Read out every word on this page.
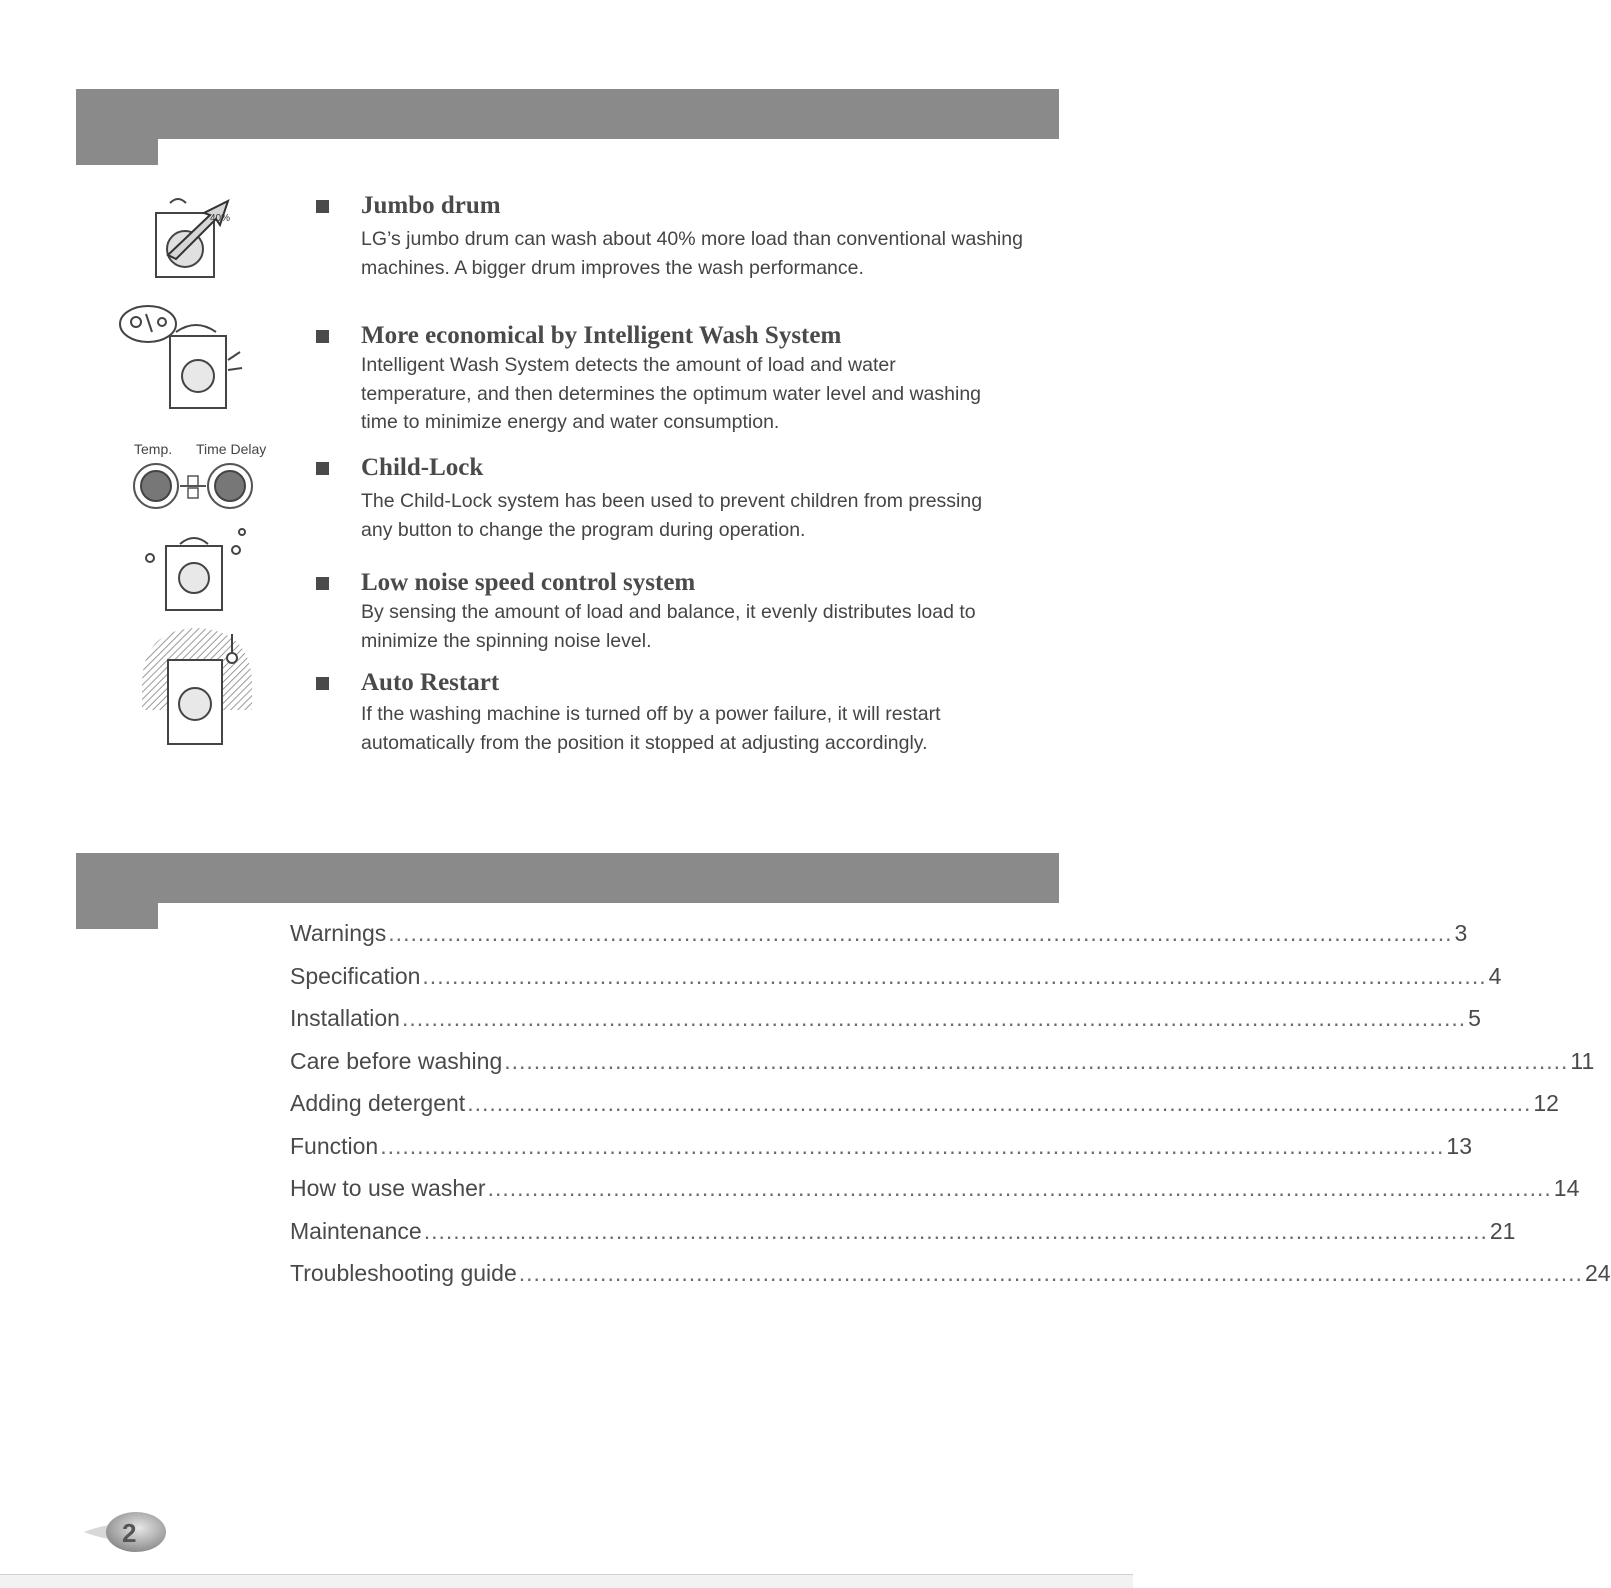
40%
Temp. Time Delay
Jumbo drum
LG’s jumbo drum can wash about 40% more load than conventional washing machines. A bigger drum improves the wash performance.
More economical by Intelligent Wash System
Intelligent Wash System detects the amount of load and water temperature, and then determines the optimum water level and washing time to minimize energy and water consumption.
Child-Lock
The Child-Lock system has been used to prevent children from pressing any button to change the program during operation.
Low noise speed control system
By sensing the amount of load and balance, it evenly distributes load to minimize the spinning noise level.
Auto Restart
If the washing machine is turned off by a power failure, it will restart automatically from the position it stopped at adjusting accordingly.
Warnings ................................................................................................................................................ 3
Specification ................................................................................................................................................ 4
Installation ................................................................................................................................................ 5
Care before washing ................................................................................................................................................ 11
Adding detergent ................................................................................................................................................ 12
Function ................................................................................................................................................ 13
How to use washer ................................................................................................................................................ 14
Maintenance ................................................................................................................................................ 21
Troubleshooting guide ................................................................................................................................................ 24
2
